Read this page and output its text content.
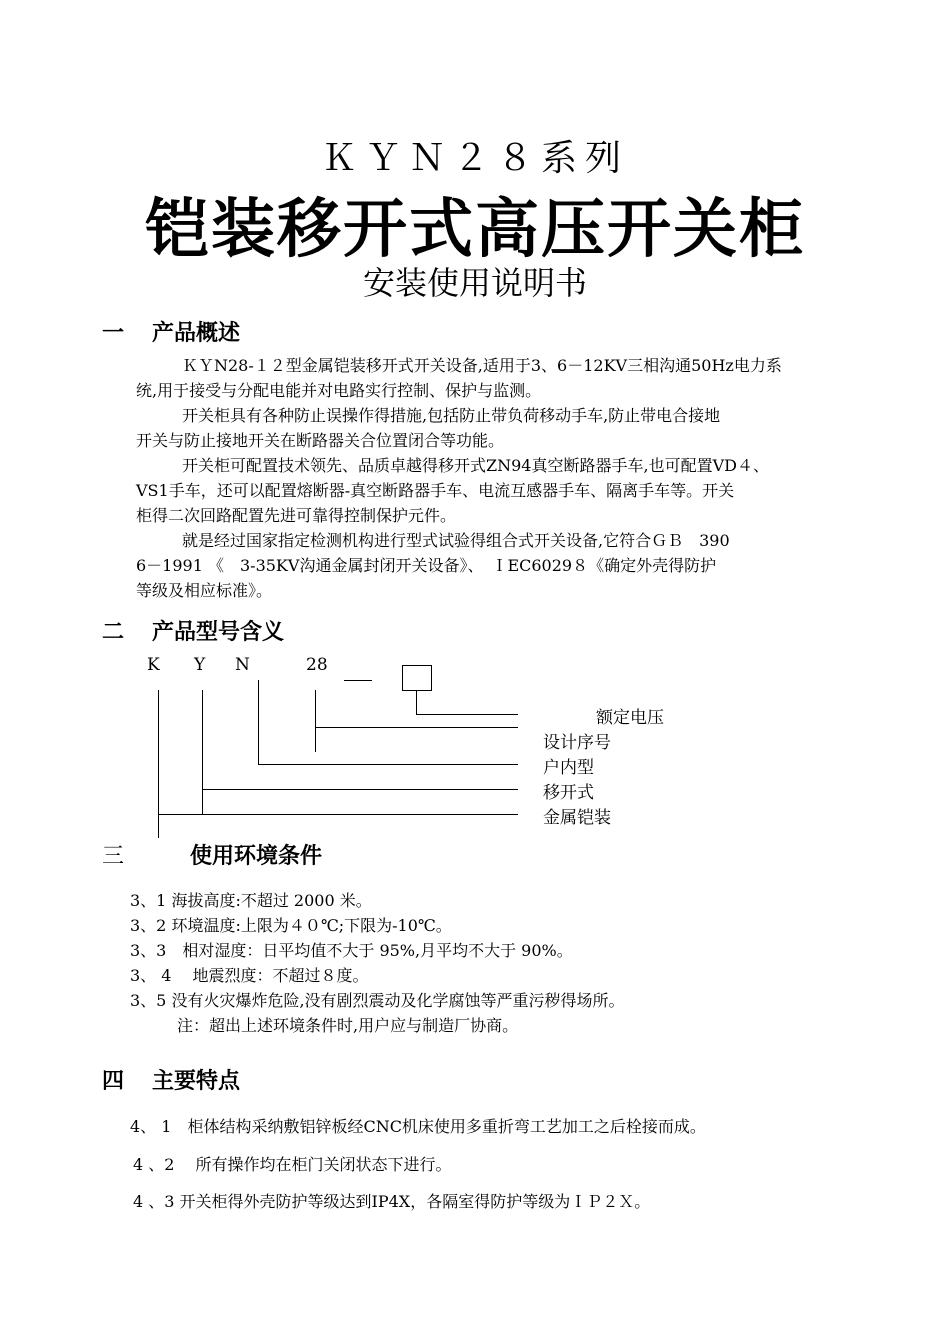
ＫＹＮ２８系列
铠装移开式高压开关柜
安装使用说明书
一 产品概述
ＫＹN28-１２型金属铠装移开式开关设备,适用于3、6－12KV三相沟通50Hz电力系
统,用于接受与分配电能并对电路实行控制、保护与监测。
开关柜具有各种防止误操作得措施,包括防止带负荷移动手车,防止带电合接地
开关与防止接地开关在断路器关合位置闭合等功能。
开关柜可配置技术领先、品质卓越得移开式ZN94真空断路器手车,也可配置VD４、
VS1手车，还可以配置熔断器-真空断路器手车、电流互感器手车、隔离手车等。开关
柜得二次回路配置先进可靠得控制保护元件。
就是经过国家指定检测机构进行型式试验得组合式开关设备,它符合ＧＢ　390
6－1991 《　3-35KV沟通金属封闭开关设备》、　ＩEC6029８《确定外壳得防护
等级及相应标准》。
二 产品型号含义
K Y N	28
额定电压
设计序号
户内型
移开式
金属铠装
三	使用环境条件
3、1 海拔高度:不超过 2000 米。
3、2 环境温度:上限为４０℃;下限为-10℃。
3、3　相对湿度：日平均值不大于 95%,月平均不大于 90%。
3、 4　 地震烈度：不超过８度。
3、5 没有火灾爆炸危险,没有剧烈震动及化学腐蚀等严重污秽得场所。
注：超出上述环境条件时,用户应与制造厂协商。
四 主要特点
4、 1　柜体结构采纳敷铝锌板经CNC机床使用多重折弯工艺加工之后栓接而成。
4 、2　 所有操作均在柜门关闭状态下进行。
4 、3 开关柜得外壳防护等级达到IP4X，各隔室得防护等级为ＩＰ２Ｘ。
